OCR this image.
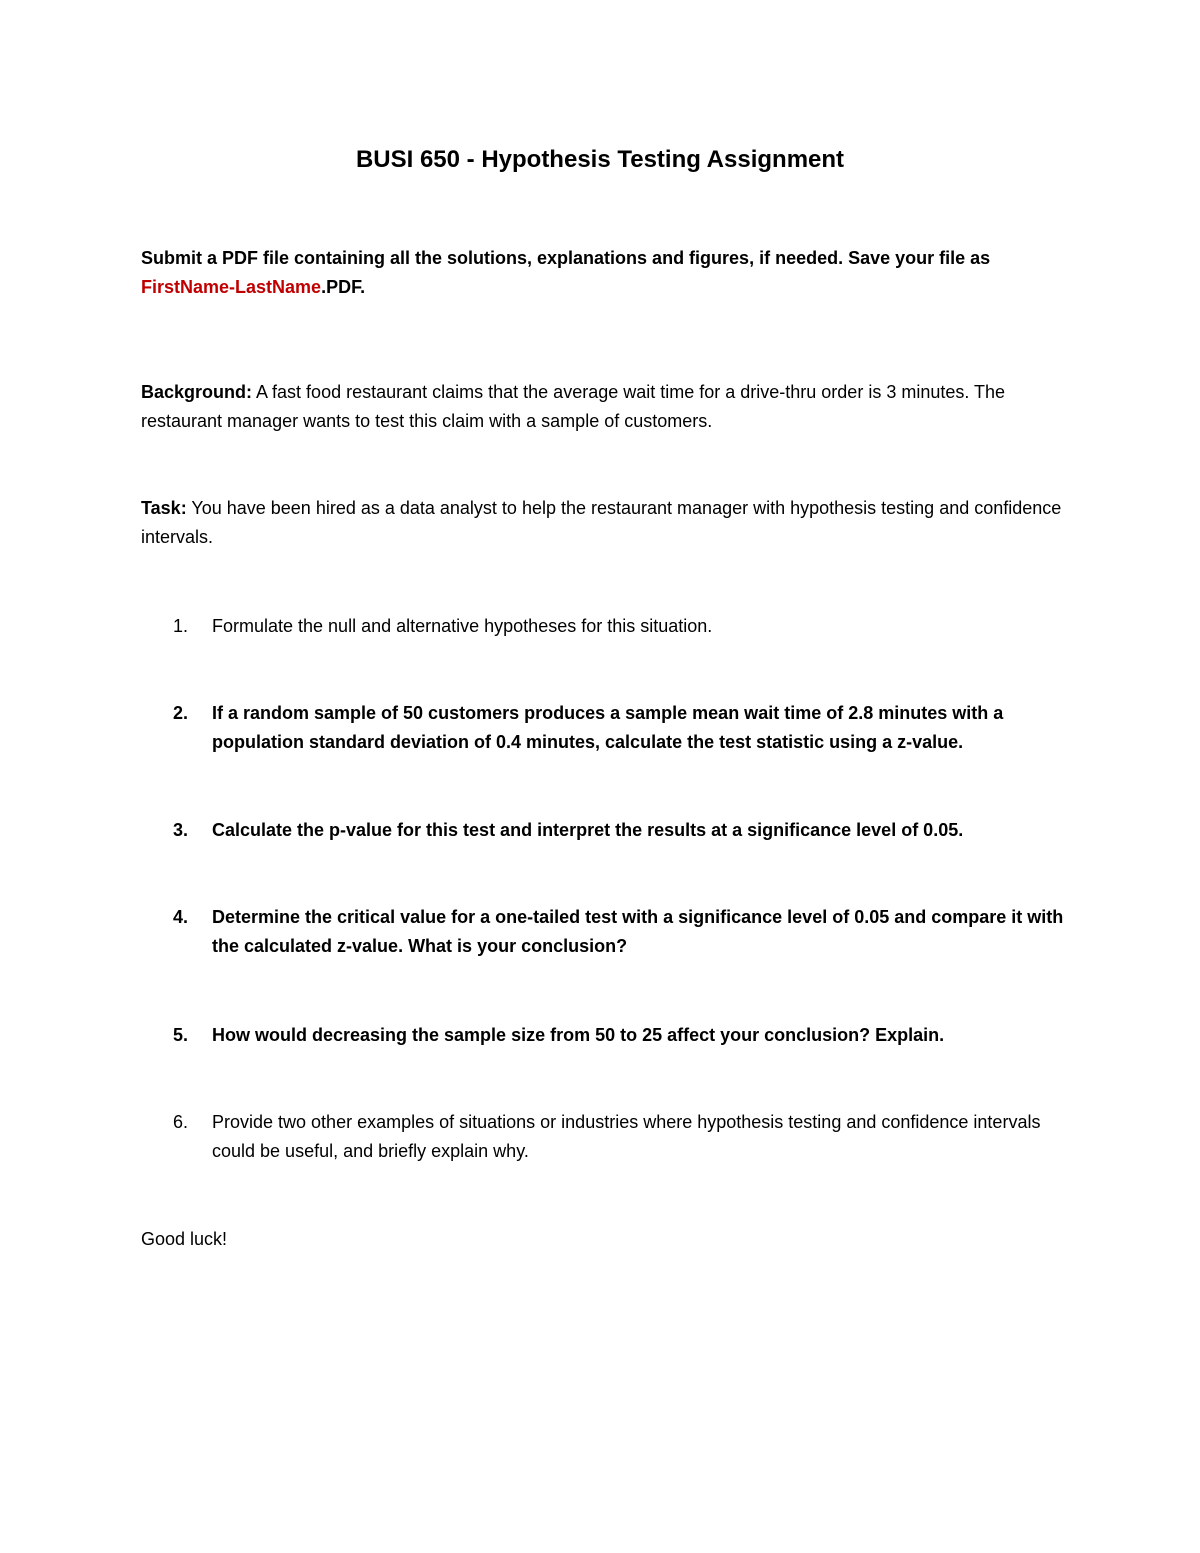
BUSI 650 - Hypothesis Testing Assignment
Submit a PDF file containing all the solutions, explanations and figures, if needed. Save your file as FirstName-LastName.PDF.
Background: A fast food restaurant claims that the average wait time for a drive-thru order is 3 minutes. The restaurant manager wants to test this claim with a sample of customers.
Task: You have been hired as a data analyst to help the restaurant manager with hypothesis testing and confidence intervals.
1.	Formulate the null and alternative hypotheses for this situation.
2.	If a random sample of 50 customers produces a sample mean wait time of 2.8 minutes with a population standard deviation of 0.4 minutes, calculate the test statistic using a z-value.
3.	Calculate the p-value for this test and interpret the results at a significance level of 0.05.
4.	Determine the critical value for a one-tailed test with a significance level of 0.05 and compare it with the calculated z-value. What is your conclusion?
5.	How would decreasing the sample size from 50 to 25 affect your conclusion? Explain.
6.	Provide two other examples of situations or industries where hypothesis testing and confidence intervals could be useful, and briefly explain why.
Good luck!
